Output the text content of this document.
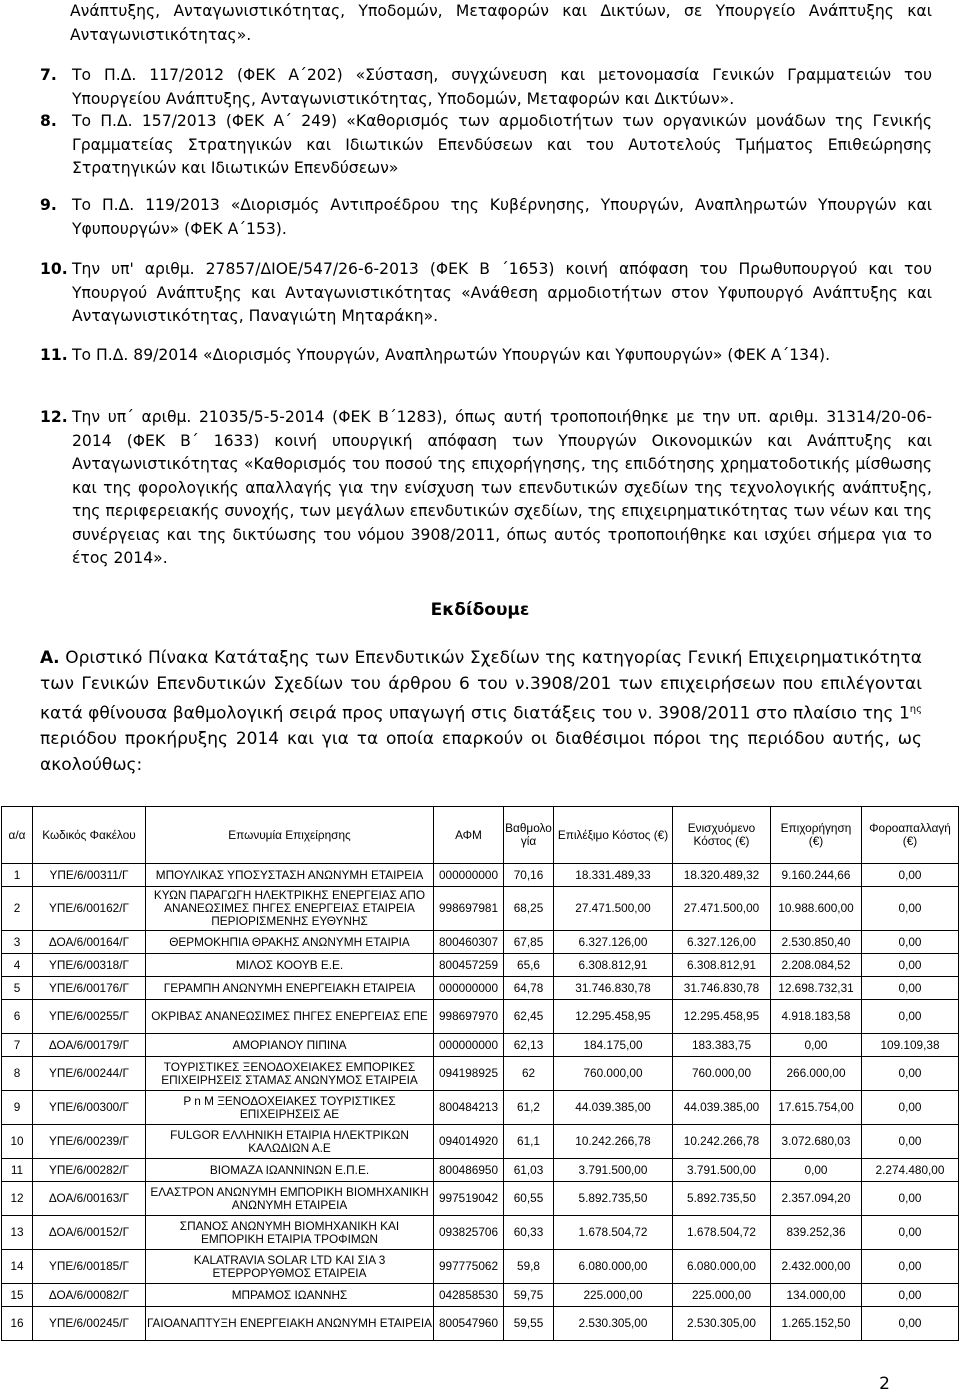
Ανάπτυξης, Ανταγωνιστικότητας, Υποδομών, Μεταφορών και Δικτύων, σε Υπουργείο Ανάπτυξης και Ανταγωνιστικότητας».
7. Το Π.Δ. 117/2012 (ΦΕΚ Α΄202) «Σύσταση, συγχώνευση και μετονομασία Γενικών Γραμματειών του Υπουργείου Ανάπτυξης, Ανταγωνιστικότητας, Υποδομών, Μεταφορών και Δικτύων».
8. Το Π.Δ. 157/2013 (ΦΕΚ Α΄ 249) «Καθορισμός των αρμοδιοτήτων των οργανικών μονάδων της Γενικής Γραμματείας Στρατηγικών και Ιδιωτικών Επενδύσεων και του Αυτοτελούς Τμήματος Επιθεώρησης Στρατηγικών και Ιδιωτικών Επενδύσεων»
9. Το Π.Δ. 119/2013 «Διορισμός Αντιπροέδρου της Κυβέρνησης, Υπουργών, Αναπληρωτών Υπουργών και Υφυπουργών» (ΦΕΚ Α΄153).
10. Την υπ' αριθμ. 27857/ΔΙΟΕ/547/26-6-2013 (ΦΕΚ Β ΄1653) κοινή απόφαση του Πρωθυπουργού και του Υπουργού Ανάπτυξης και Ανταγωνιστικότητας «Ανάθεση αρμοδιοτήτων στον Υφυπουργό Ανάπτυξης και Ανταγωνιστικότητας, Παναγιώτη Μηταράκη».
11. Το Π.Δ. 89/2014 «Διορισμός Υπουργών, Αναπληρωτών Υπουργών και Υφυπουργών» (ΦΕΚ Α΄134).
12. Την υπ΄ αριθμ. 21035/5-5-2014 (ΦΕΚ Β΄1283), όπως αυτή τροποποιήθηκε με την υπ. αριθμ. 31314/20-06-2014 (ΦΕΚ Β΄ 1633) κοινή υπουργική απόφαση των Υπουργών Οικονομικών και Ανάπτυξης και Ανταγωνιστικότητας «Καθορισμός του ποσού της επιχορήγησης, της επιδότησης χρηματοδοτικής μίσθωσης και της φορολογικής απαλλαγής για την ενίσχυση των επενδυτικών σχεδίων της τεχνολογικής ανάπτυξης, της περιφερειακής συνοχής, των μεγάλων επενδυτικών σχεδίων, της επιχειρηματικότητας των νέων και της συνέργειας και της δικτύωσης του νόμου 3908/2011, όπως αυτός τροποποιήθηκε και ισχύει σήμερα για το έτος 2014».
Εκδίδουμε
Α. Οριστικό Πίνακα Κατάταξης των Επενδυτικών Σχεδίων της κατηγορίας Γενική Επιχειρηματικότητα των Γενικών Επενδυτικών Σχεδίων του άρθρου 6 του ν.3908/201 των επιχειρήσεων που επιλέγονται κατά φθίνουσα βαθμολογική σειρά προς υπαγωγή στις διατάξεις του ν. 3908/2011 στο πλαίσιο της $1^{\eta\varsigma}$ περιόδου προκήρυξης 2014 και για τα οποία επαρκούν οι διαθέσιμοι πόροι της περιόδου αυτής, ως ακολούθως:
α/α	Κωδικός Φακέλου	Επωνυμία Επιχείρησης	ΑΦΜ	Βαθμολογία	Επιλέξιμο Κόστος (€)	Ενισχυόμενο Κόστος (€)	Επιχορήγηση (€)	Φοροαπαλλαγή (€)
1	ΥΠΕ/6/00311/Γ	ΜΠΟΥΛΙΚΑΣ ΥΠΟΣΥΣΤΑΣΗ ΑΝΩΝΥΜΗ ΕΤΑΙΡΕΙΑ	000000000	70,16	18.331.489,33	18.320.489,32	9.160.244,66	0,00
2	ΥΠΕ/6/00162/Γ	ΚΥΩΝ ΠΑΡΑΓΩΓΗ ΗΛΕΚΤΡΙΚΗΣ ΕΝΕΡΓΕΙΑΣ ΑΠΟ ΑΝΑΝΕΩΣΙΜΕΣ ΠΗΓΕΣ ΕΝΕΡΓΕΙΑΣ ΕΤΑΙΡΕΙΑ ΠΕΡΙΟΡΙΣΜΕΝΗΣ ΕΥΘΥΝΗΣ	998697981	68,25	27.471.500,00	27.471.500,00	10.988.600,00	0,00
3	ΔΟΑ/6/00164/Γ	ΘΕΡΜΟΚΗΠΙΑ ΘΡΑΚΗΣ ΑΝΩΝΥΜΗ ΕΤΑΙΡΙΑ	800460307	67,85	6.327.126,00	6.327.126,00	2.530.850,40	0,00
4	ΥΠΕ/6/00318/Γ	ΜΙΛΟΣ ΚΟΟΥΒ Ε.Ε.	800457259	65,6	6.308.812,91	6.308.812,91	2.208.084,52	0,00
5	ΥΠΕ/6/00176/Γ	ΓΕΡΑΜΠΗ ΑΝΩΝΥΜΗ ΕΝΕΡΓΕΙΑΚΗ ΕΤΑΙΡΕΙΑ	000000000	64,78	31.746.830,78	31.746.830,78	12.698.732,31	0,00
6	ΥΠΕ/6/00255/Γ	ΟΚΡΙΒΑΣ ΑΝΑΝΕΩΣΙΜΕΣ ΠΗΓΕΣ ΕΝΕΡΓΕΙΑΣ ΕΠΕ	998697970	62,45	12.295.458,95	12.295.458,95	4.918.183,58	0,00
7	ΔΟΑ/6/00179/Γ	ΑΜΟΡΙΑΝΟΥ ΠΙΠΙΝΑ	000000000	62,13	184.175,00	183.383,75	0,00	109.109,38
8	ΥΠΕ/6/00244/Γ	ΤΟΥΡΙΣΤΙΚΕΣ ΞΕΝΟΔΟΧΕΙΑΚΕΣ ΕΜΠΟΡΙΚΕΣ ΕΠΙΧΕΙΡΗΣΕΙΣ ΣΤΑΜΑΣ ΑΝΩΝΥΜΟΣ ΕΤΑΙΡΕΙΑ	094198925	62	760.000,00	760.000,00	266.000,00	0,00
9	ΥΠΕ/6/00300/Γ	Ρ n Μ ΞΕΝΟΔΟΧΕΙΑΚΕΣ ΤΟΥΡΙΣΤΙΚΕΣ ΕΠΙΧΕΙΡΗΣΕΙΣ ΑΕ	800484213	61,2	44.039.385,00	44.039.385,00	17.615.754,00	0,00
10	ΥΠΕ/6/00239/Γ	FULGOR ΕΛΛΗΝΙΚΗ ΕΤΑΙΡΙΑ ΗΛΕΚΤΡΙΚΩΝ ΚΑΛΩΔΙΩΝ Α.Ε	094014920	61,1	10.242.266,78	10.242.266,78	3.072.680,03	0,00
11	ΥΠΕ/6/00282/Γ	ΒΙΟΜΑΖΑ ΙΩΑΝΝΙΝΩΝ Ε.Π.Ε.	800486950	61,03	3.791.500,00	3.791.500,00	0,00	2.274.480,00
12	ΔΟΑ/6/00163/Γ	ΕΛΑΣΤΡΟΝ ΑΝΩΝΥΜΗ ΕΜΠΟΡΙΚΗ ΒΙΟΜΗΧΑΝΙΚΗ ΑΝΩΝΥΜΗ ΕΤΑΙΡΕΙΑ	997519042	60,55	5.892.735,50	5.892.735,50	2.357.094,20	0,00
13	ΔΟΑ/6/00152/Γ	ΣΠΑΝΟΣ ΑΝΩΝΥΜΗ ΒΙΟΜΗΧΑΝΙΚΗ ΚΑΙ ΕΜΠΟΡΙΚΗ ΕΤΑΙΡΙΑ ΤΡΟΦΙΜΩΝ	093825706	60,33	1.678.504,72	1.678.504,72	839.252,36	0,00
14	ΥΠΕ/6/00185/Γ	KALATRAVIA SOLAR LTD ΚΑΙ ΣΙΑ 3 ΕΤΕΡΡΟΡΥΘΜΟΣ ΕΤΑΙΡΕΙΑ	997775062	59,8	6.080.000,00	6.080.000,00	2.432.000,00	0,00
15	ΔΟΑ/6/00082/Γ	ΜΠΡΑΜΟΣ ΙΩΑΝΝΗΣ	042858530	59,75	225.000,00	225.000,00	134.000,00	0,00
16	ΥΠΕ/6/00245/Γ	ΓΑΙΟΑΝΑΠΤΥΞΗ ΕΝΕΡΓΕΙΑΚΗ ΑΝΩΝΥΜΗ ΕΤΑΙΡΕΙΑ	800547960	59,55	2.530.305,00	2.530.305,00	1.265.152,50	0,00
2
